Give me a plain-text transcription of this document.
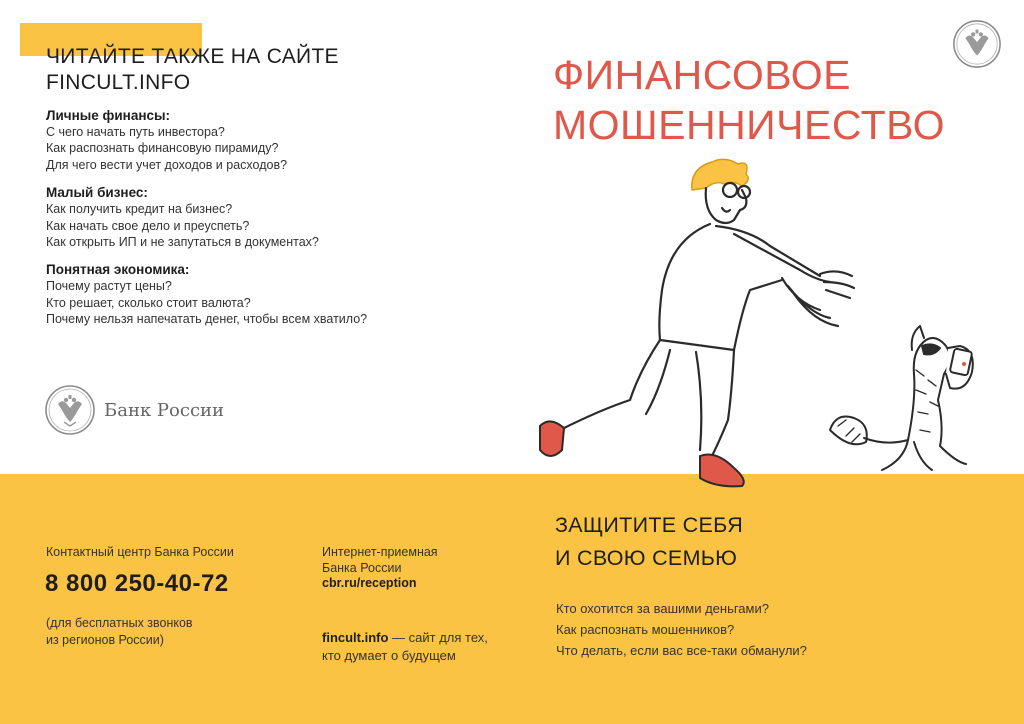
ЧИТАЙТЕ ТАКЖЕ НА САЙТЕ
FINCULT.INFO
Личные финансы:
С чего начать путь инвестора?
Как распознать финансовую пирамиду?
Для чего вести учет доходов и расходов?
Малый бизнес:
Как получить кредит на бизнес?
Как начать свое дело и преуспеть?
Как открыть ИП и не запутаться в документах?
Понятная экономика:
Почему растут цены?
Кто решает, сколько стоит валюта?
Почему нельзя напечатать денег, чтобы всем хватило?
Банк России
ФИНАНСОВОЕ
МОШЕННИЧЕСТВО
Контактный центр Банка России
8 800 250-40-72
(для бесплатных звонков
из регионов России)
Интернет-приемная
Банка России
cbr.ru/reception
fincult.info — сайт для тех, кто думает о будущем
ЗАЩИТИТЕ СЕБЯ
И СВОЮ СЕМЬЮ
Кто охотится за вашими деньгами?
Как распознать мошенников?
Что делать, если вас все-таки обманули?
